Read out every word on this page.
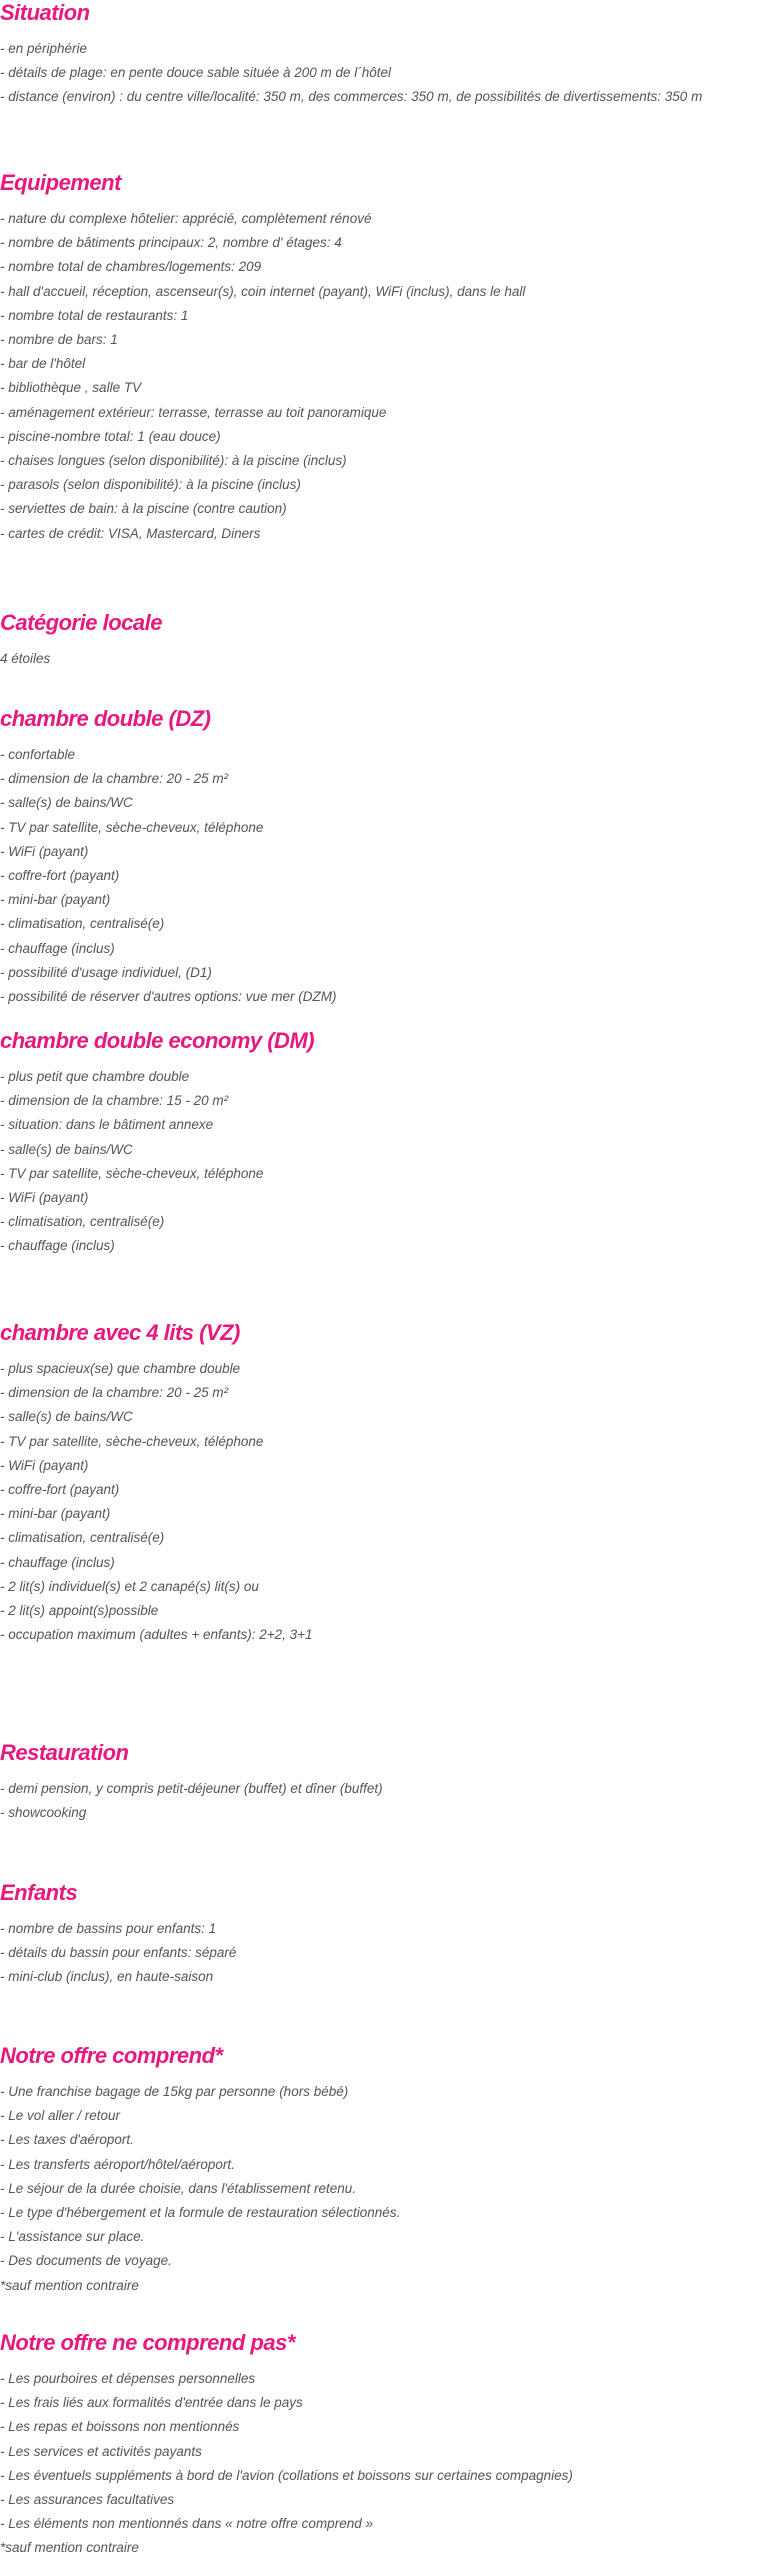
Situation
- en périphérie
- détails de plage: en pente douce sable située à 200 m de l´hôtel
- distance (environ) : du centre ville/localité: 350 m, des commerces: 350 m, de possibilités de divertissements: 350 m
Equipement
- nature du complexe hôtelier: apprécié, complètement rénové
- nombre de bâtiments principaux: 2, nombre d' étages: 4
- nombre total de chambres/logements: 209
- hall d'accueil, réception, ascenseur(s), coin internet (payant), WiFi (inclus), dans le hall
- nombre total de restaurants: 1
- nombre de bars: 1
- bar de l'hôtel
- bibliothèque , salle TV
- aménagement extérieur: terrasse, terrasse au toit panoramique
- piscine-nombre total: 1 (eau douce)
- chaises longues (selon disponibilité): à la piscine (inclus)
- parasols (selon disponibilité): à la piscine (inclus)
- serviettes de bain: à la piscine (contre caution)
- cartes de crédit: VISA, Mastercard, Diners
Catégorie locale
4 étoiles
chambre double (DZ)
- confortable
- dimension de la chambre: 20 - 25 m²
- salle(s) de bains/WC
- TV par satellite, sèche-cheveux, téléphone
- WiFi (payant)
- coffre-fort (payant)
- mini-bar (payant)
- climatisation, centralisé(e)
- chauffage (inclus)
- possibilité d'usage individuel, (D1)
- possibilité de réserver d'autres options: vue mer (DZM)
chambre double economy (DM)
- plus petit que chambre double
- dimension de la chambre: 15 - 20 m²
- situation: dans le bâtiment annexe
- salle(s) de bains/WC
- TV par satellite, sèche-cheveux, téléphone
- WiFi (payant)
- climatisation, centralisé(e)
- chauffage (inclus)
chambre avec 4 lits (VZ)
- plus spacieux(se) que chambre double
- dimension de la chambre: 20 - 25 m²
- salle(s) de bains/WC
- TV par satellite, sèche-cheveux, téléphone
- WiFi (payant)
- coffre-fort (payant)
- mini-bar (payant)
- climatisation, centralisé(e)
- chauffage (inclus)
- 2 lit(s) individuel(s) et 2 canapé(s) lit(s) ou
- 2 lit(s) appoint(s)possible
- occupation maximum (adultes + enfants): 2+2, 3+1
Restauration
- demi pension, y compris petit-déjeuner (buffet) et dîner (buffet)
- showcooking
Enfants
- nombre de bassins pour enfants: 1
- détails du bassin pour enfants: séparé
- mini-club (inclus), en haute-saison
Notre offre comprend*
- Une franchise bagage de 15kg par personne (hors bébé)
- Le vol aller / retour
- Les taxes d'aéroport.
- Les transferts aéroport/hôtel/aéroport.
- Le séjour de la durée choisie, dans l'établissement retenu.
- Le type d'hébergement et la formule de restauration sélectionnés.
- L'assistance sur place.
- Des documents de voyage.
*sauf mention contraire
Notre offre ne comprend pas*
- Les pourboires et dépenses personnelles
- Les frais liés aux formalités d'entrée dans le pays
- Les repas et boissons non mentionnés
- Les services et activités payants
- Les éventuels suppléments à bord de l'avion (collations et boissons sur certaines compagnies)
- Les assurances facultatives
- Les éléments non mentionnés dans « notre offre comprend »
*sauf mention contraire
